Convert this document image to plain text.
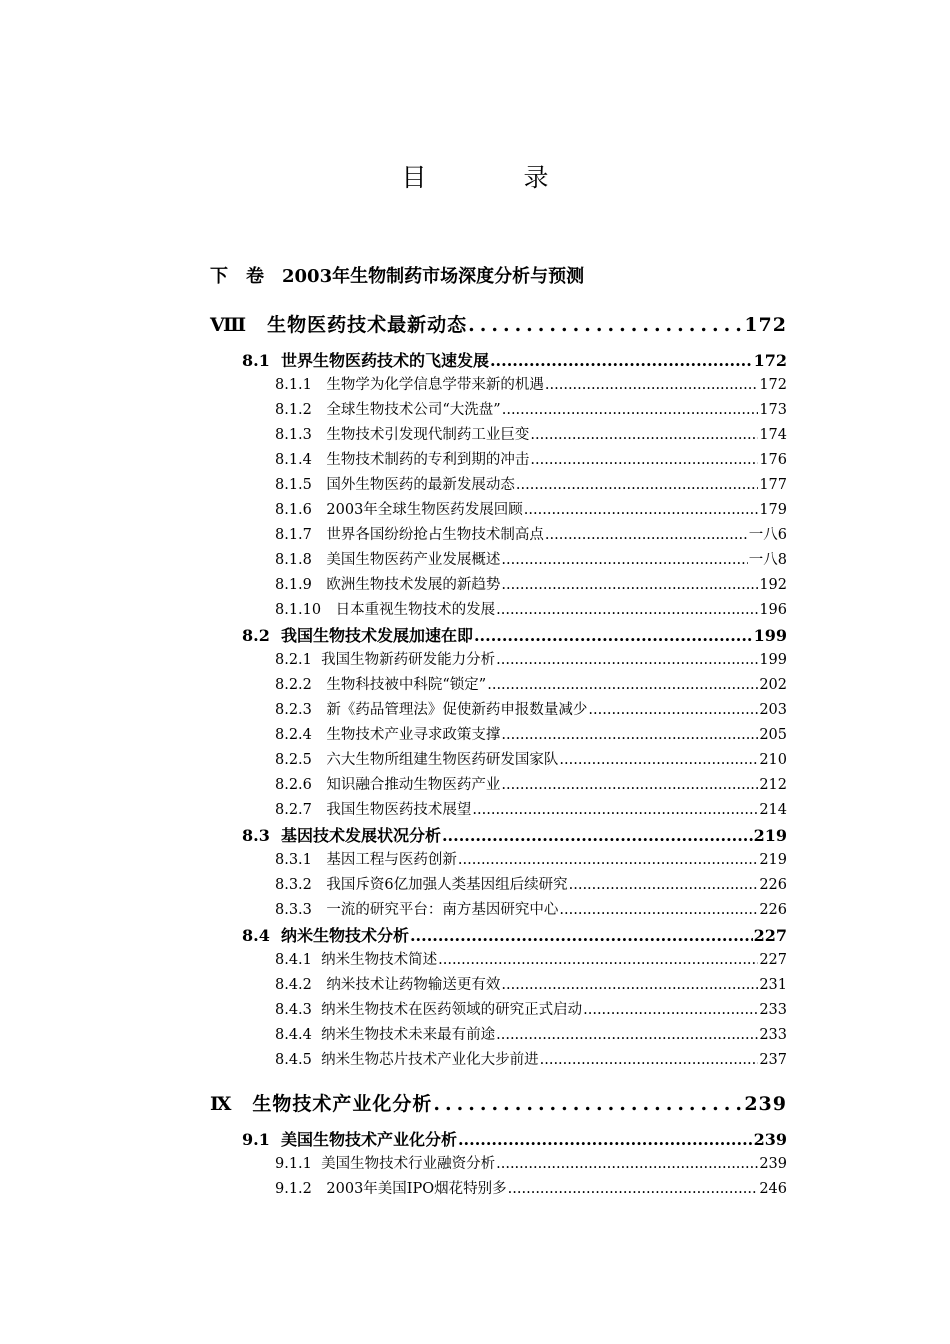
目　录
下　卷　2003年生物制药市场深度分析与预测
Ⅷ　生物医药技术最新动态 .....	172
8.1  世界生物医药技术的飞速发展 .....	172
8.1.1　生物学为化学信息学带来新的机遇 .....	172
8.1.2　全球生物技术公司“大洗盘” .....	173
8.1.3　生物技术引发现代制药工业巨变 .....	174
8.1.4　生物技术制药的专利到期的冲击 .....	176
8.1.5　国外生物医药的最新发展动态 .....	177
8.1.6　2003年全球生物医药发展回顾 .....	179
8.1.7　世界各国纷纷抢占生物技术制高点 .....	一八6
8.1.8　美国生物医药产业发展概述 .....	一八8
8.1.9　欧洲生物技术发展的新趋势 .....	192
8.1.10　日本重视生物技术的发展 .....	196
8.2  我国生物技术发展加速在即 .....	199
8.2.1  我国生物新药研发能力分析 .....	199
8.2.2　生物科技被中科院“锁定” .....	202
8.2.3　新《药品管理法》促使新药申报数量减少 .....	203
8.2.4　生物技术产业寻求政策支撑 .....	205
8.2.5　六大生物所组建生物医药研发国家队 .....	210
8.2.6　知识融合推动生物医药产业 .....	212
8.2.7　我国生物医药技术展望 .....	214
8.3  基因技术发展状况分析 .....	219
8.3.1　基因工程与医药创新 .....	219
8.3.2　我国斥资6亿加强人类基因组后续研究 .....	226
8.3.3　一流的研究平台：南方基因研究中心 .....	226
8.4  纳米生物技术分析 .....	227
8.4.1  纳米生物技术简述 .....	227
8.4.2　纳米技术让药物输送更有效 .....	231
8.4.3  纳米生物技术在医药领域的研究正式启动 .....	233
8.4.4  纳米生物技术未来最有前途 .....	233
8.4.5  纳米生物芯片技术产业化大步前进 .....	237
Ⅸ　生物技术产业化分析 .....	239
9.1  美国生物技术产业化分析 .....	239
9.1.1  美国生物技术行业融资分析 .....	239
9.1.2　2003年美国IPO烟花特别多 .....	246
